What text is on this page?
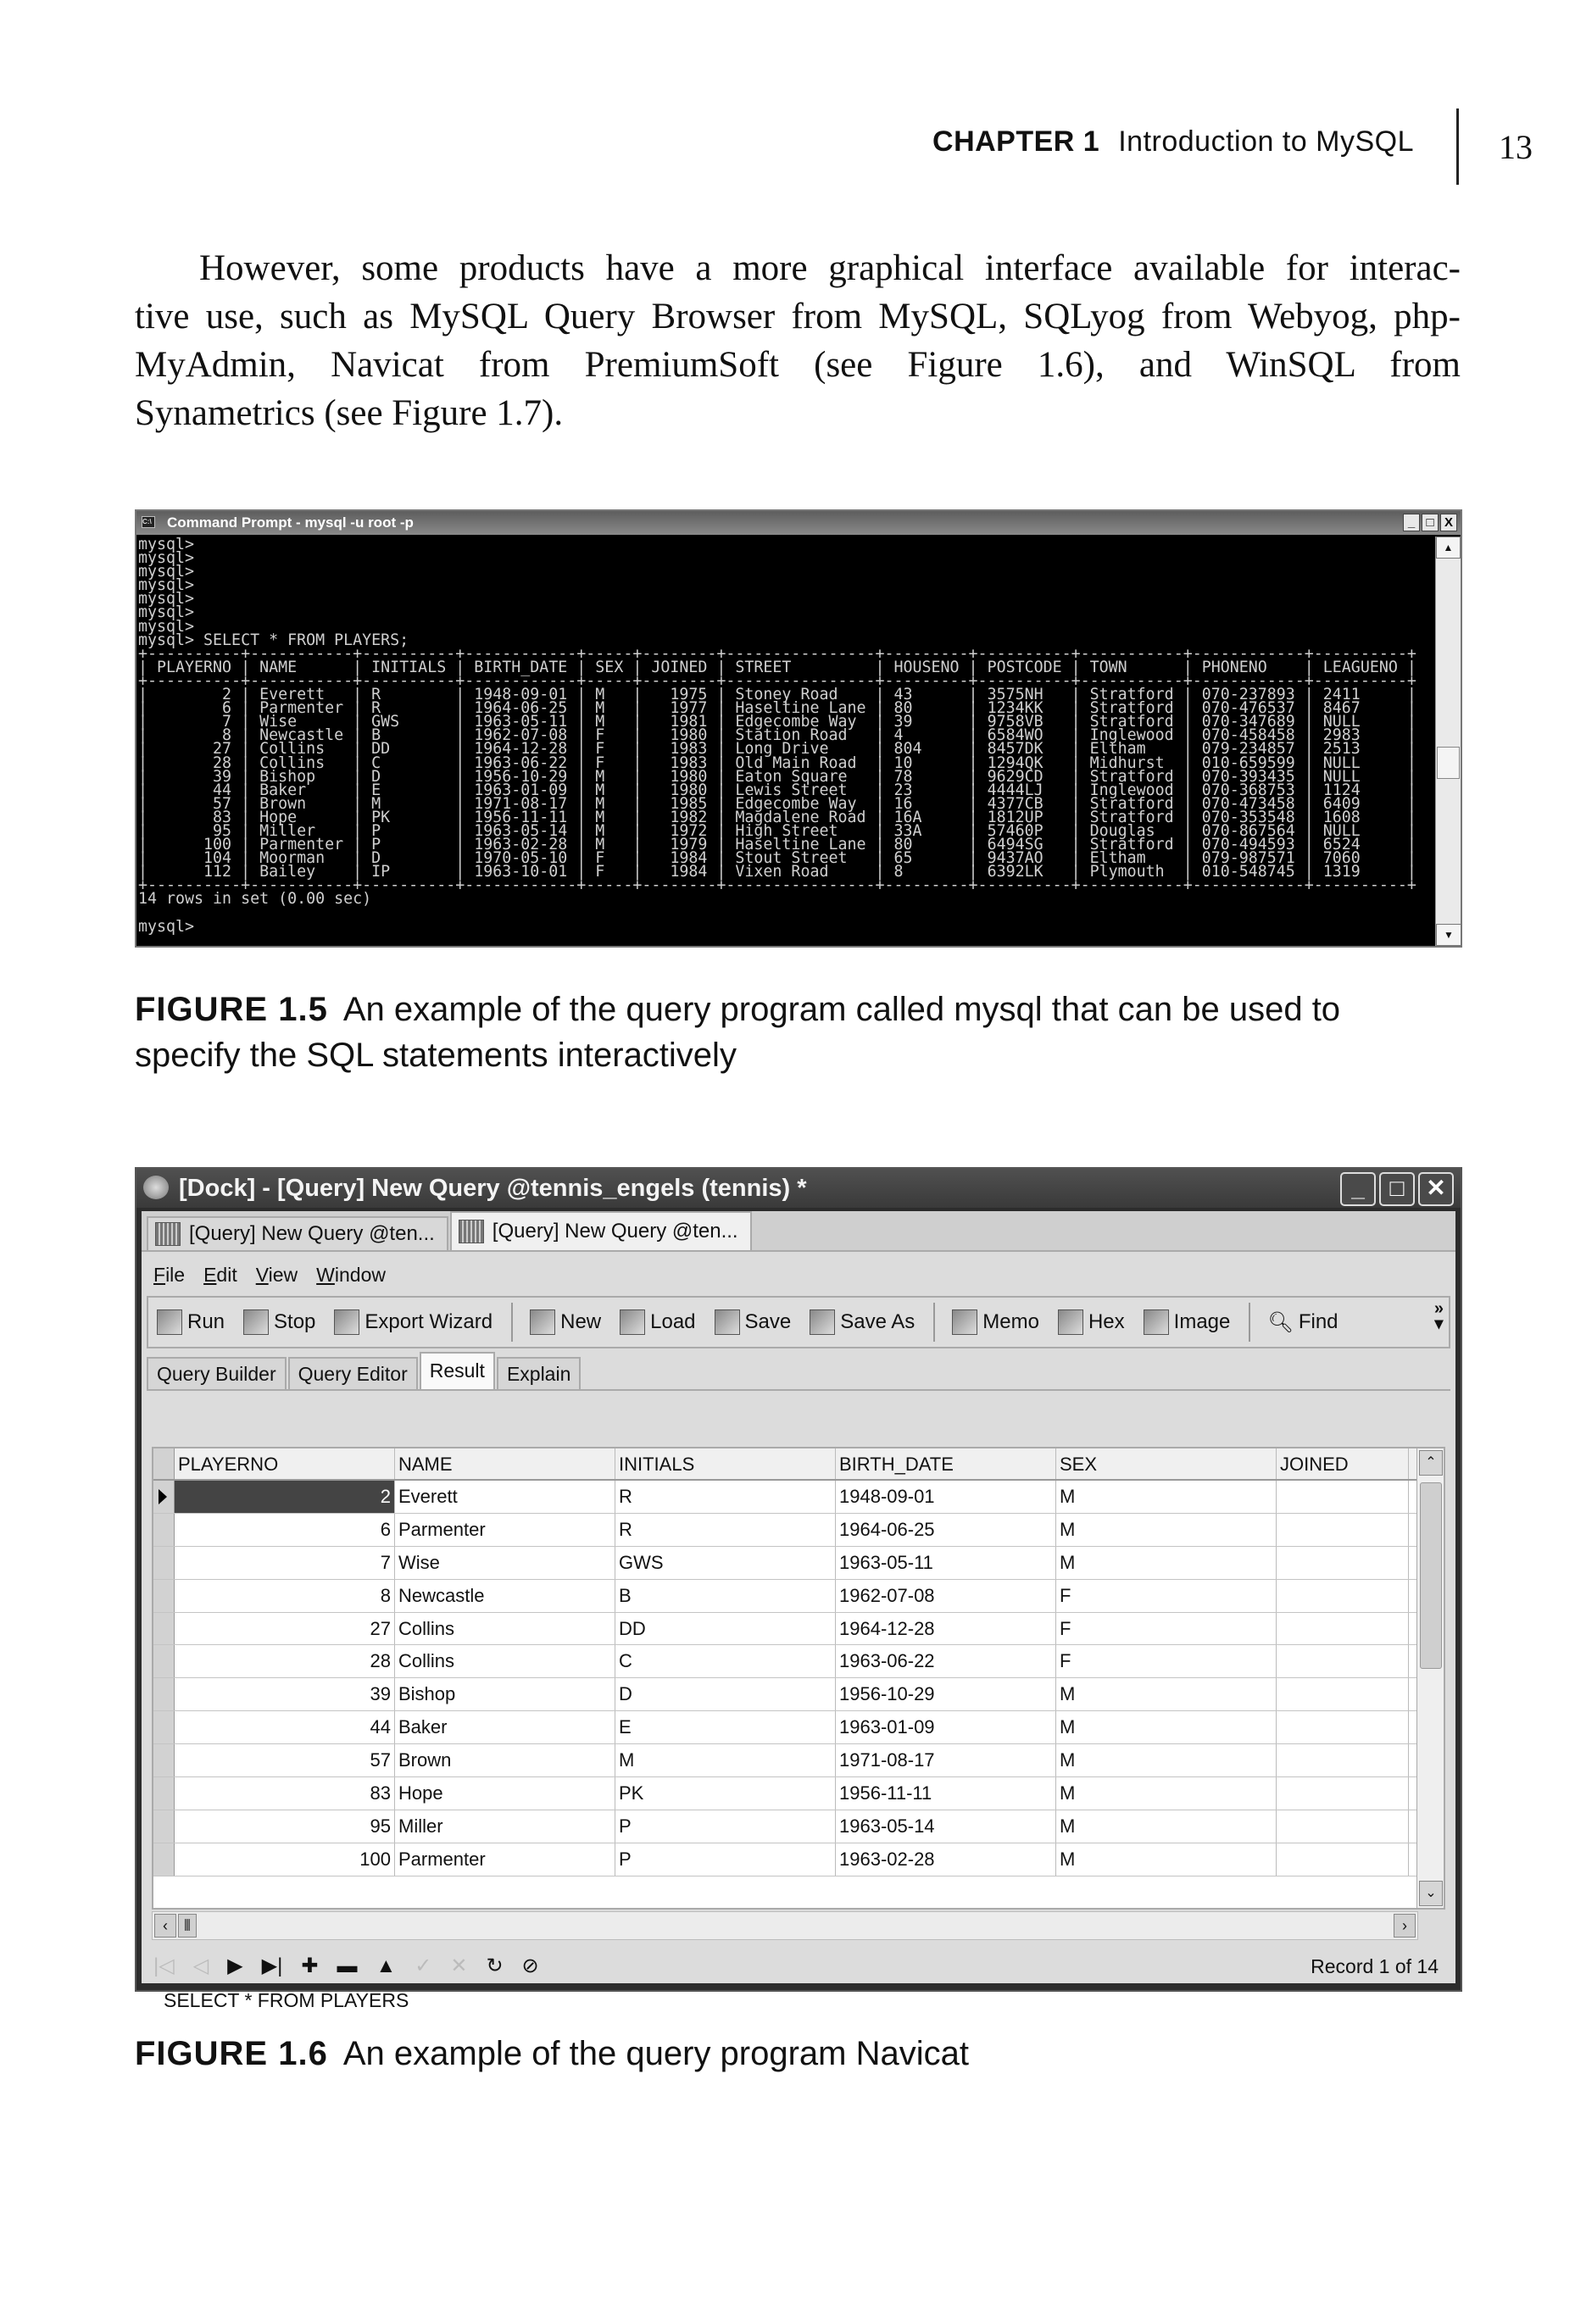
CHAPTER 1 Introduction to MySQL	13
However, some products have a more graphical interface available for interac-
tive use, such as MySQL Query Browser from MySQL, SQLyog from Webyog, php-
MyAdmin, Navicat from PremiumSoft (see Figure 1.6), and WinSQL from
Synametrics (see Figure 1.7).
C:\ Command Prompt - mysql -u root -p	_ □ X
mysql>
mysql>
mysql>
mysql>
mysql>
mysql>
mysql>
mysql> SELECT * FROM PLAYERS;
+----------+-----------+----------+------------+-----+--------+----------------+---------+----------+-----------+------------+----------+
| PLAYERNO | NAME      | INITIALS | BIRTH_DATE | SEX | JOINED | STREET         | HOUSENO | POSTCODE | TOWN      | PHONENO    | LEAGUENO |
+----------+-----------+----------+------------+-----+--------+----------------+---------+----------+-----------+------------+----------+
|        2 | Everett   | R        | 1948-09-01 | M   |   1975 | Stoney Road    | 43      | 3575NH   | Stratford | 070-237893 | 2411     |
|        6 | Parmenter | R        | 1964-06-25 | M   |   1977 | Haseltine Lane | 80      | 1234KK   | Stratford | 070-476537 | 8467     |
|        7 | Wise      | GWS      | 1963-05-11 | M   |   1981 | Edgecombe Way  | 39      | 9758VB   | Stratford | 070-347689 | NULL     |
|        8 | Newcastle | B        | 1962-07-08 | F   |   1980 | Station Road   | 4       | 6584WO   | Inglewood | 070-458458 | 2983     |
|       27 | Collins   | DD       | 1964-12-28 | F   |   1983 | Long Drive     | 804     | 8457DK   | Eltham    | 079-234857 | 2513     |
|       28 | Collins   | C        | 1963-06-22 | F   |   1983 | Old Main Road  | 10      | 1294QK   | Midhurst  | 010-659599 | NULL     |
|       39 | Bishop    | D        | 1956-10-29 | M   |   1980 | Eaton Square   | 78      | 9629CD   | Stratford | 070-393435 | NULL     |
|       44 | Baker     | E        | 1963-01-09 | M   |   1980 | Lewis Street   | 23      | 4444LJ   | Inglewood | 070-368753 | 1124     |
|       57 | Brown     | M        | 1971-08-17 | M   |   1985 | Edgecombe Way  | 16      | 4377CB   | Stratford | 070-473458 | 6409     |
|       83 | Hope      | PK       | 1956-11-11 | M   |   1982 | Magdalene Road | 16A     | 1812UP   | Stratford | 070-353548 | 1608     |
|       95 | Miller    | P        | 1963-05-14 | M   |   1972 | High Street    | 33A     | 57460P   | Douglas   | 070-867564 | NULL     |
|      100 | Parmenter | P        | 1963-02-28 | M   |   1979 | Haseltine Lane | 80      | 6494SG   | Stratford | 070-494593 | 6524     |
|      104 | Moorman   | D        | 1970-05-10 | F   |   1984 | Stout Street   | 65      | 9437AO   | Eltham    | 079-987571 | 7060     |
|      112 | Bailey    | IP       | 1963-10-01 | F   |   1984 | Vixen Road     | 8       | 6392LK   | Plymouth  | 010-548745 | 1319     |
+----------+-----------+----------+------------+-----+--------+----------------+---------+----------+-----------+------------+----------+
14 rows in set (0.00 sec)

mysql>
▲
▼
FIGURE 1.5 An example of the query program called mysql that can be used to
specify the SQL statements interactively
[Dock] - [Query] New Query @tennis_engels (tennis) *	_	□ ✕
[Query] New Query @ten...	[Query] New Query @ten...
File Edit View Window
Run Stop Export Wizard	New Load Save Save As	Memo Hex Image 🔍︎ Find
»
▾
Query Builder	Query Editor	Result	Explain
PLAYERNO	NAME	INITIALS	BIRTH_DATE	SEX	JOINED
2 Everett	R	1948-09-01	M
6 Parmenter	R	1964-06-25	M
7 Wise	GWS	1963-05-11	M
8 Newcastle	B	1962-07-08	F
27 Collins	DD	1964-12-28	F
28 Collins	C	1963-06-22	F
39 Bishop	D	1956-10-29	M
44 Baker	E	1963-01-09	M
57 Brown	M	1971-08-17	M
83 Hope	PK	1956-11-11	M
95 Miller	P	1963-05-14	M
100 Parmenter	P	1963-02-28	M
⌃
⌄
‹	⦀	›
|◁ ◁ ▶ ▶| ✚ ▬ ▲ ✓ ✕ ↻ ⊘	Record 1 of 14
SELECT * FROM PLAYERS
FIGURE 1.6 An example of the query program Navicat
